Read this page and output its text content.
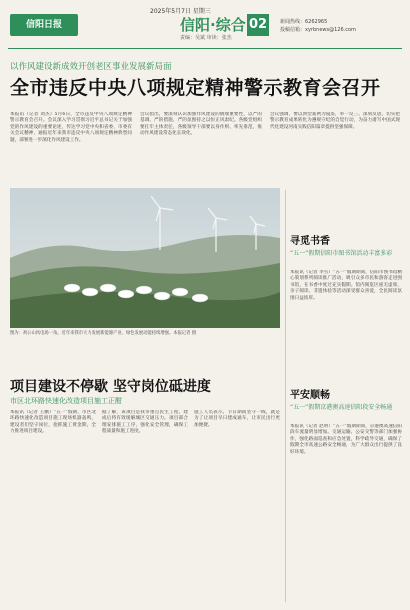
信阳日报
2025年5月7日 星期三
信阳·综合
责编：吴斌 审读：张杰
02	新闻热线：6262965
投稿信箱：xyrbnews@126.com
以作风建设新成效开创老区事业发展新局面
全市违反中央八项规定精神警示教育会召开
本报讯（记者 刘杰）5月6日，全市违反中央八项规定精神警示教育会召开。会议深入学习贯彻习近平总书记关于加强党的作风建设的重要论述，传达学习党中央和省委、市委有关会议精神，通报近年来我市违反中央八项规定精神典型问题，部署进一步深化作风建设工作。
会议指出，要深刻认识加强作风建设的极端重要性，以严的基调、严的措施、严的氛围持之以恒正风肃纪。各级党组织要扛牢主体责任，各级领导干部要以身作则、率先垂范，推动作风建设常态化长效化。
会议强调，要以典型案例为镜鉴，举一反三、深刻反思，切实把警示教育成果转化为遵规守纪的自觉行动，为奋力谱写中国式现代化建设河南实践信阳篇章提供坚强保障。
图为：鸡公山风电场一角。近年来我市大力发展新能源产业，绿色发展动能持续增强。本报记者 摄
项目建设不停歇 坚守岗位砥进度
市区北环路快速化改造项目施工正酣
本报讯（记者 王鹏）“五一”假期，市区北环路快速化改造项目施工现场机器轰鸣，建设者们坚守岗位，抢抓施工黄金期，全力推进项目建设。
据了解，该项目是我市重点民生工程，建成后将有效缓解城区交通压力。项目部合理安排施工工序，强化安全管理，确保工程质量和施工进度。
施工人员表示，节日期间坚守一线，就是为了让项目早日建成通车，让市民出行更加便捷。
寻觅书香
“五一”假期信阳市图书馆活动丰富多彩
本报讯（记者 李雪）“五一”假期期间，信阳市图书馆精心策划系列阅读推广活动，吸引众多市民和游客走进图书馆，在书香中度过充实假期。馆内阅览区座无虚席，亲子阅读、非遗体验等活动深受群众喜爱，全民阅读氛围日益浓厚。
平安顺畅
“五一”假期京港澳高速信阳段安全畅通
本报讯（记者 赵明）“五一”假期期间，京港澳高速信阳段车流量明显增加。交通运输、公安交警等部门加强协作，强化路面巡查和应急处置，科学疏导交通，确保了假期全市高速公路安全畅通，为广大群众出行提供了良好环境。
